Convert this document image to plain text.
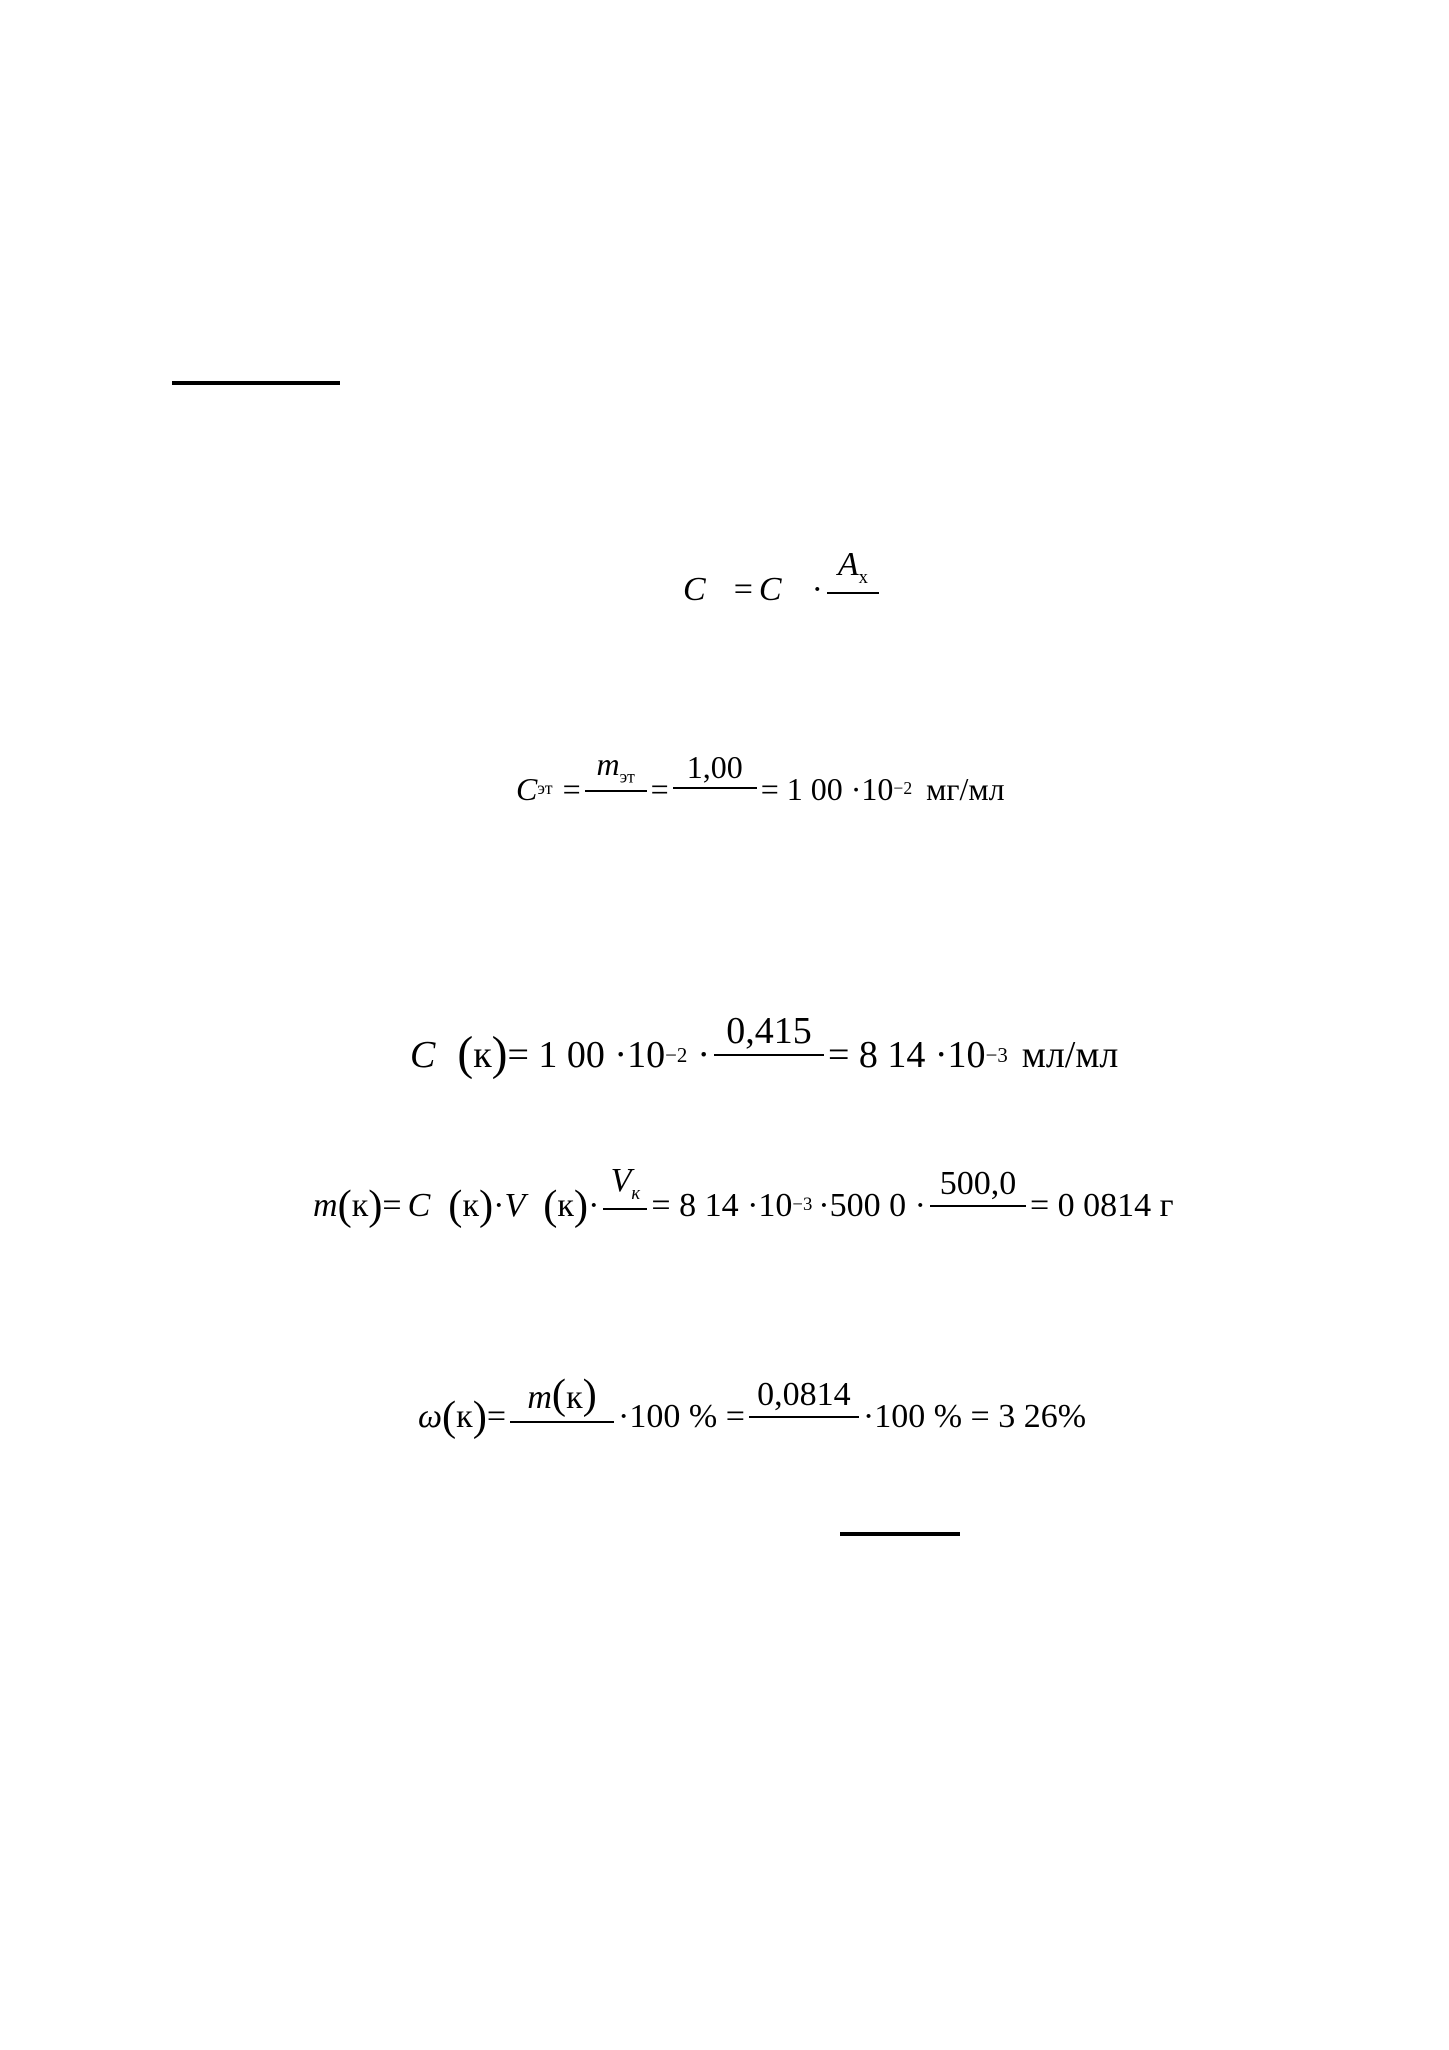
C = C ·
$A_х$
C эт =
$m_{эт}$ =
1,00
= 1 00 ·10 −2 мг/мл
C ( к ) = 1 00 ·10 −2 ·
0,415
= 8 14 ·10 −3 мл/мл
m ( к ) = C ( к ) · V ( к ) ·
$V_к = 8$ 14 ·10 −3 ·500 0 ·
500,0
= 0 0814 г
ω ( к ) =
m(к) ·100 % =
0,0814
·100 % = 3 26%
